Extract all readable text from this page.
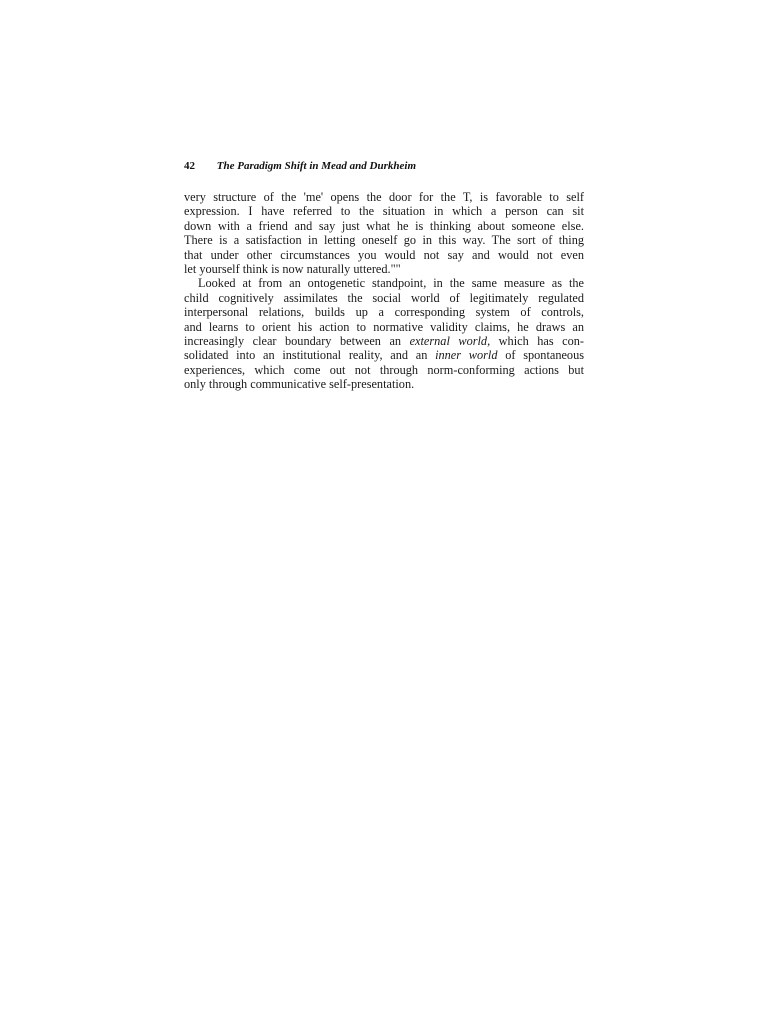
42 The Paradigm Shift in Mead and Durkheim
very structure of the 'me' opens the door for the T, is favorable to self
expression. I have referred to the situation in which a person can sit
down with a friend and say just what he is thinking about someone else.
There is a satisfaction in letting oneself go in this way. The sort of thing
that under other circumstances you would not say and would not even
let yourself think is now naturally uttered.""
Looked at from an ontogenetic standpoint, in the same measure as the
child cognitively assimilates the social world of legitimately regulated
interpersonal relations, builds up a corresponding system of controls,
and learns to orient his action to normative validity claims, he draws an
increasingly clear boundary between an external world, which has con-
solidated into an institutional reality, and an inner world of spontaneous
experiences, which come out not through norm-conforming actions but
only through communicative self-presentation.
